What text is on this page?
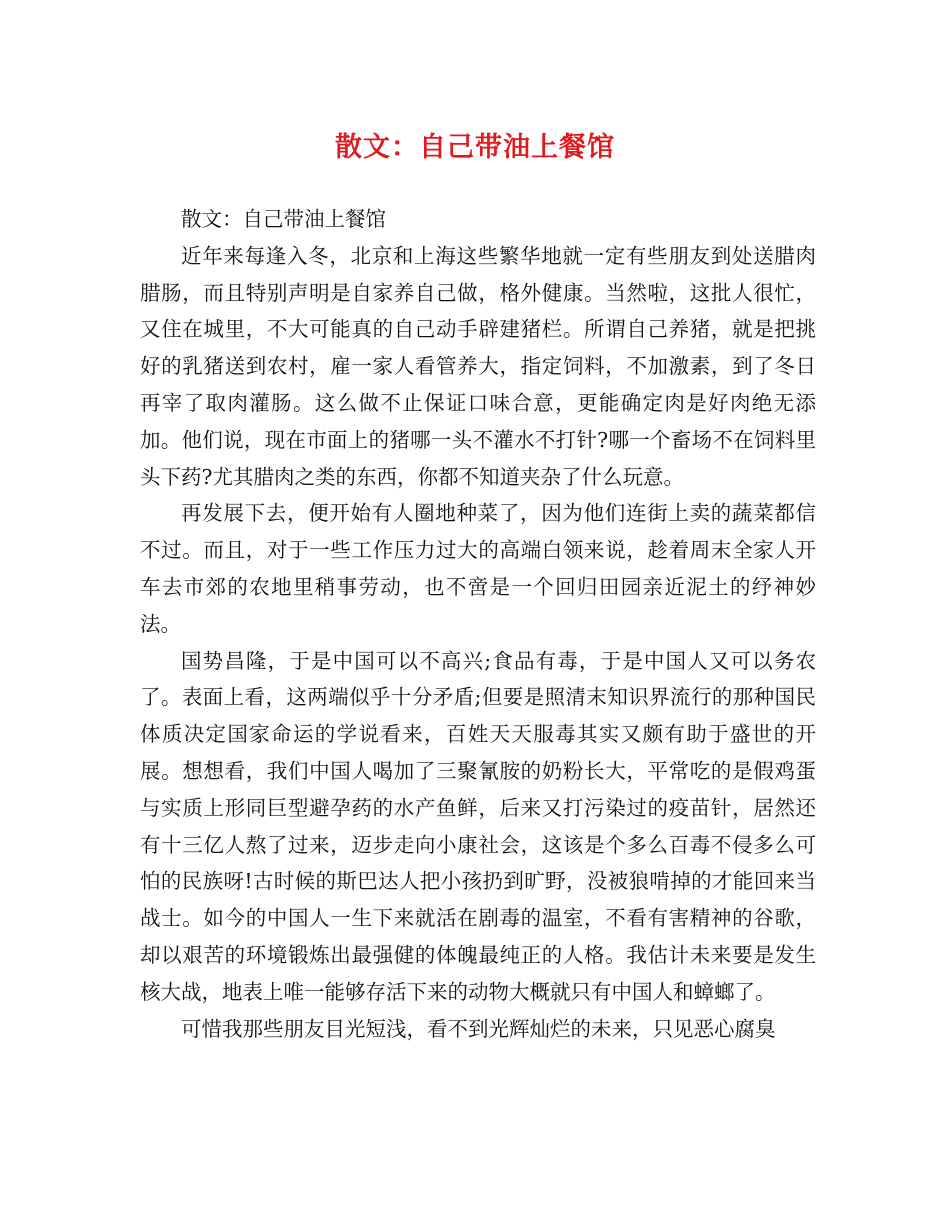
散文：自己带油上餐馆

散文：自己带油上餐馆

近年来每逢入冬，北京和上海这些繁华地就一定有些朋友到处送腊肉腊肠，而且特别声明是自家养自己做，格外健康。当然啦，这批人很忙，又住在城里，不大可能真的自己动手辟建猪栏。所谓自己养猪，就是把挑好的乳猪送到农村，雇一家人看管养大，指定饲料，不加激素，到了冬日再宰了取肉灌肠。这么做不止保证口味合意，更能确定肉是好肉绝无添加。他们说，现在市面上的猪哪一头不灌水不打针?哪一个畜场不在饲料里头下药?尤其腊肉之类的东西，你都不知道夹杂了什么玩意。

再发展下去，便开始有人圈地种菜了，因为他们连街上卖的蔬菜都信不过。而且，对于一些工作压力过大的高端白领来说，趁着周末全家人开车去市郊的农地里稍事劳动，也不啻是一个回归田园亲近泥土的纾神妙法。

国势昌隆，于是中国可以不高兴;食品有毒，于是中国人又可以务农了。表面上看，这两端似乎十分矛盾;但要是照清末知识界流行的那种国民体质决定国家命运的学说看来，百姓天天服毒其实又颇有助于盛世的开展。想想看，我们中国人喝加了三聚氰胺的奶粉长大，平常吃的是假鸡蛋与实质上形同巨型避孕药的水产鱼鲜，后来又打污染过的疫苗针，居然还有十三亿人熬了过来，迈步走向小康社会，这该是个多么百毒不侵多么可怕的民族呀!古时候的斯巴达人把小孩扔到旷野，没被狼啃掉的才能回来当战士。如今的中国人一生下来就活在剧毒的温室，不看有害精神的谷歌，却以艰苦的环境锻炼出最强健的体魄最纯正的人格。我估计未来要是发生核大战，地表上唯一能够存活下来的动物大概就只有中国人和蟑螂了。

可惜我那些朋友目光短浅，看不到光辉灿烂的未来，只见恶心腐臭
